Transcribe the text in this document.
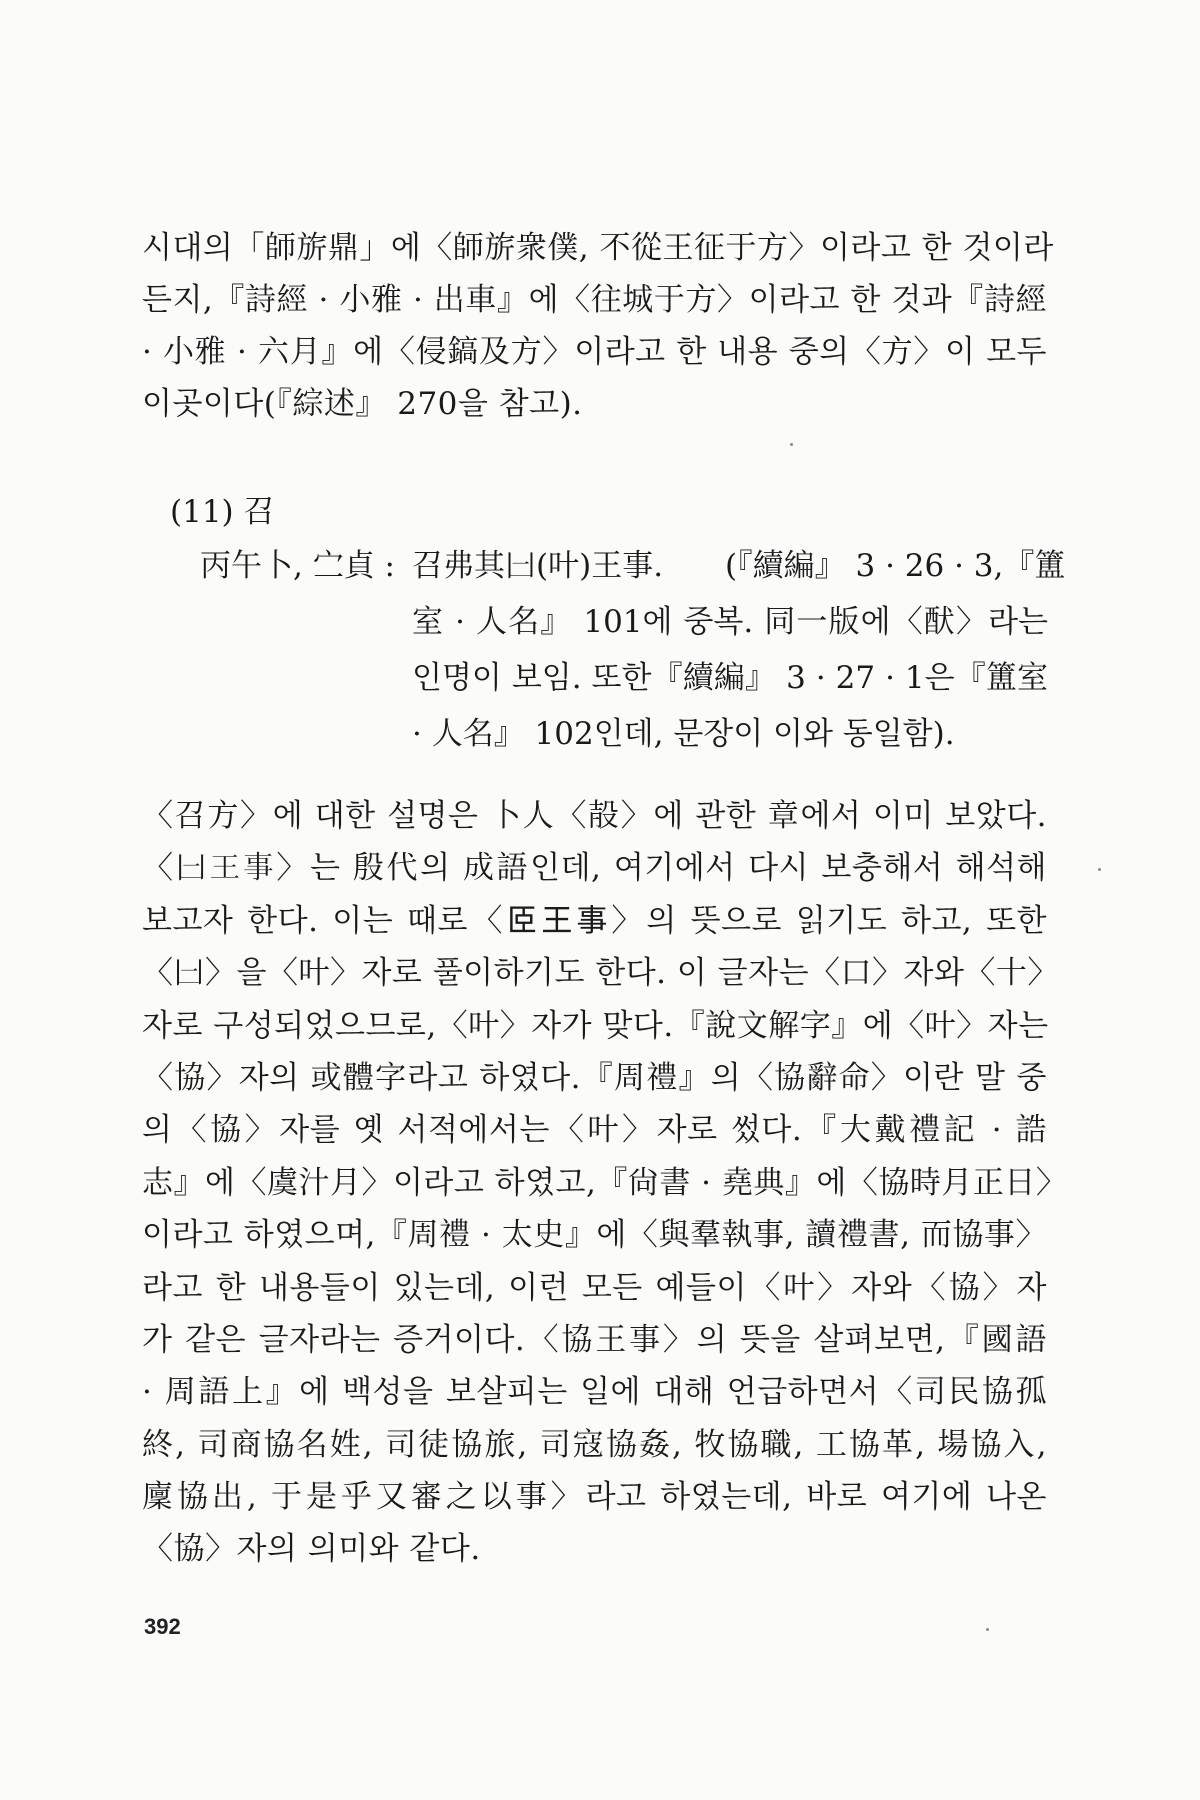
시대의「師旂鼎」에〈師旂衆僕, 不從王征于方〉이라고 한 것이라
든지,『詩經 · 小雅 · 出車』에〈往城于方〉이라고 한 것과『詩經
· 小雅 · 六月』에〈侵鎬及方〉이라고 한 내용 중의〈方〉이 모두
이곳이다(『綜述』 270을 참고).

(11) 召

丙午卜, 㝉貞 : 召弗其𠙵(叶)王事. (『續編』 3 · 26 · 3,『簠
室 · 人名』 101에 중복. 同一版에〈䣭〉라는
인명이 보임. 또한『續編』 3 · 27 · 1은『簠室
· 人名』 102인데, 문장이 이와 동일함).
〈召方〉에 대한 설명은 卜人〈㱿〉에 관한 章에서 이미 보았다.
〈𠙵王事〉는 殷代의 成語인데, 여기에서 다시 보충해서 해석해
보고자 한다. 이는 때로〈𦣞王事〉의 뜻으로 읽기도 하고, 또한
〈𠙵〉을〈叶〉자로 풀이하기도 한다. 이 글자는〈口〉자와〈十〉
자로 구성되었으므로,〈叶〉자가 맞다.『說文解字』에〈叶〉자는
〈協〉자의 或體字라고 하였다.『周禮』의〈協辭命〉이란 말 중
의〈協〉자를 옛 서적에서는〈叶〉자로 썼다.『大戴禮記 · 誥
志』에〈虞汁月〉이라고 하였고,『尙書 · 堯典』에〈協時月正日〉
이라고 하였으며,『周禮 · 太史』에〈與羣執事, 讀禮書, 而協事〉
라고 한 내용들이 있는데, 이런 모든 예들이〈叶〉자와〈協〉자
가 같은 글자라는 증거이다.〈協王事〉의 뜻을 살펴보면,『國語
· 周語上』에 백성을 보살피는 일에 대해 언급하면서〈司民協孤
終, 司商協名姓, 司徒協旅, 司寇協姦, 牧協職, 工協革, 場協入,
廩協出, 于是乎又審之以事〉라고 하였는데, 바로 여기에 나온
〈協〉자의 의미와 같다.

392
